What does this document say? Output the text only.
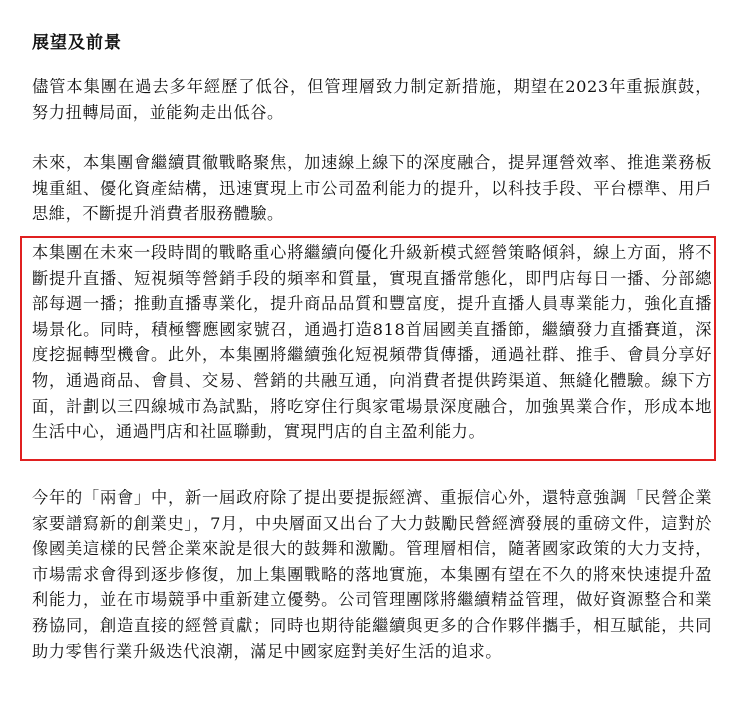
展望及前景

儘管本集團在過去多年經歷了低谷，但管理層致力制定新措施，期望在2023年重振旗鼓，努力扭轉局面，並能夠走出低谷。

未來，本集團會繼續貫徹戰略聚焦，加速線上線下的深度融合，提昇運營效率、推進業務板塊重組、優化資產結構，迅速實現上市公司盈利能力的提升，以科技手段、平台標準、用戶思維，不斷提升消費者服務體驗。

本集團在未來一段時間的戰略重心將繼續向優化升級新模式經營策略傾斜，線上方面，將不斷提升直播、短視頻等營銷手段的頻率和質量，實現直播常態化，即門店每日一播、分部總部每週一播；推動直播專業化，提升商品品質和豐富度，提升直播人員專業能力，強化直播場景化。同時，積極響應國家號召，通過打造818首屆國美直播節，繼續發力直播賽道，深度挖掘轉型機會。此外，本集團將繼續強化短視頻帶貨傳播，通過社群、推手、會員分享好物，通過商品、會員、交易、營銷的共融互通，向消費者提供跨渠道、無縫化體驗。線下方面，計劃以三四線城市為試點，將吃穿住行與家電場景深度融合，加強異業合作，形成本地生活中心，通過門店和社區聯動，實現門店的自主盈利能力。

今年的「兩會」中，新一屆政府除了提出要提振經濟、重振信心外，還特意強調「民營企業家要譜寫新的創業史」，7月，中央層面又出台了大力鼓勵民營經濟發展的重磅文件，這對於像國美這樣的民營企業來說是很大的鼓舞和激勵。管理層相信，隨著國家政策的大力支持，市場需求會得到逐步修復，加上集團戰略的落地實施，本集團有望在不久的將來快速提升盈利能力，並在市場競爭中重新建立優勢。公司管理團隊將繼續精益管理，做好資源整合和業務協同，創造直接的經營貢獻；同時也期待能繼續與更多的合作夥伴攜手，相互賦能，共同助力零售行業升級迭代浪潮，滿足中國家庭對美好生活的追求。
